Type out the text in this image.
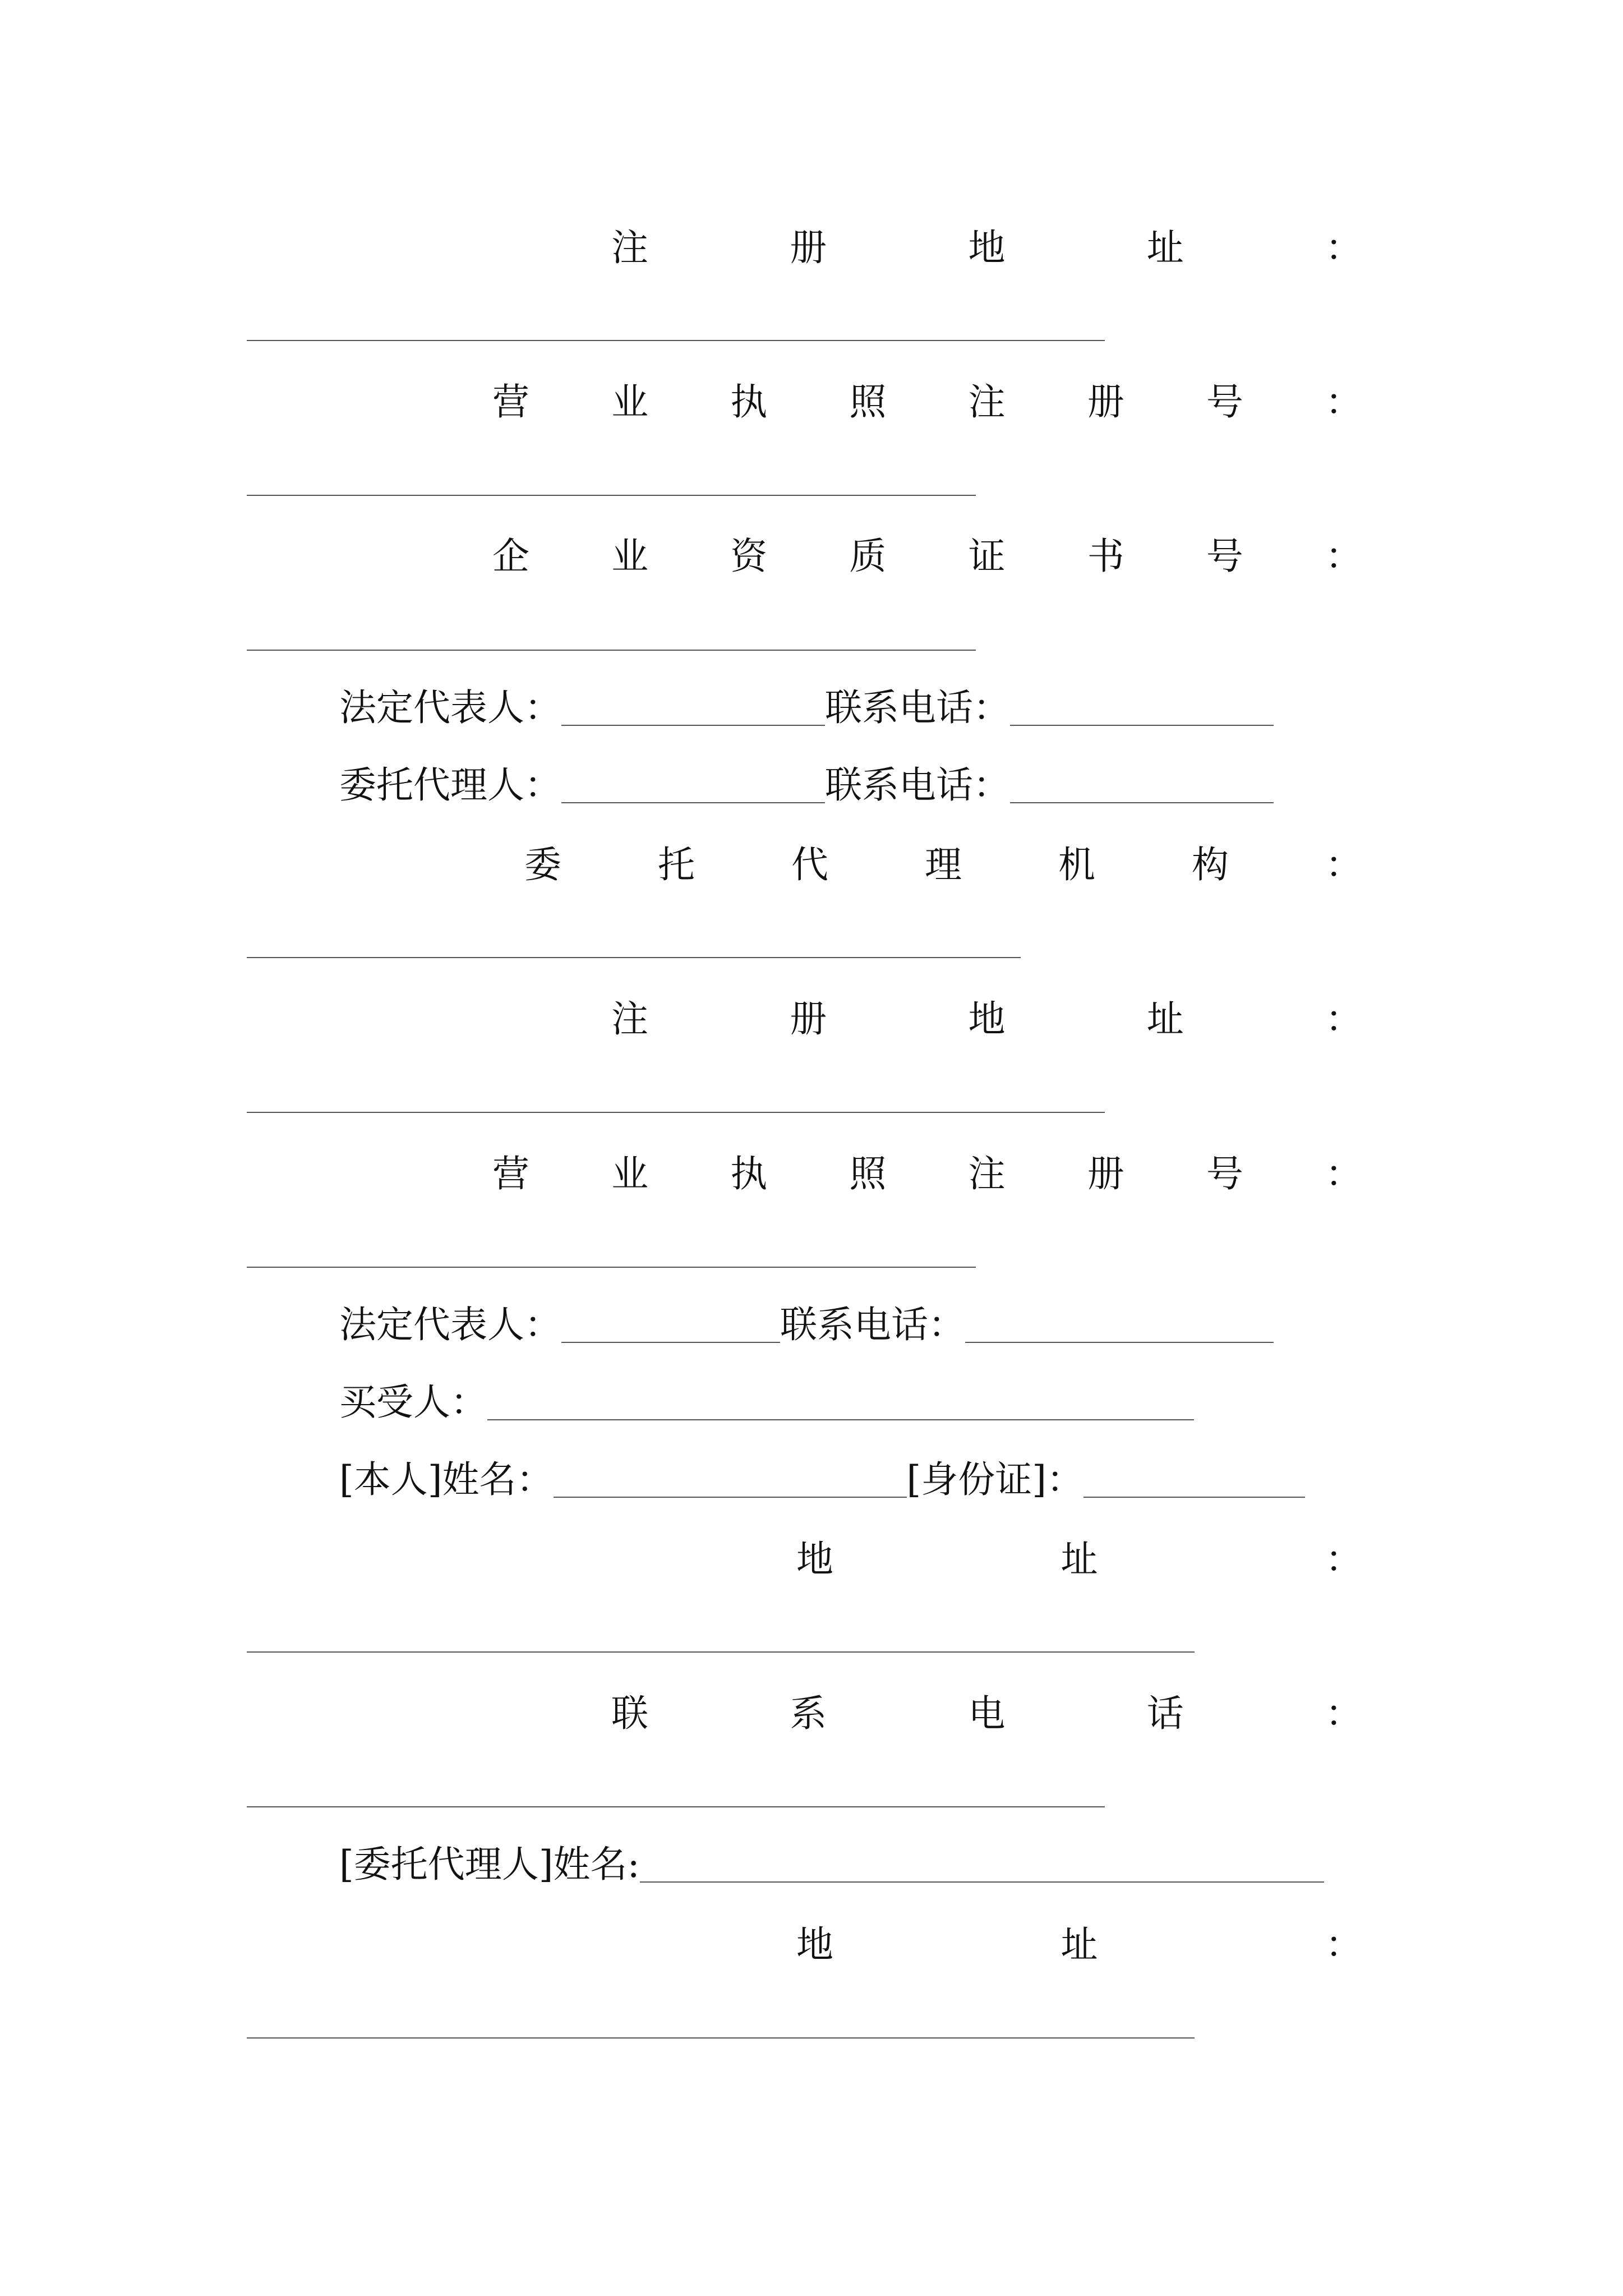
注	册	地	址	：
营 业 执 照 注 册 号 ：
企 业 资 质 证 书 号 ：
法定代表人：	联系电话：
委托代理人：	联系电话：
委	托	代	理	机	构	：
注	册	地	址	：
营 业 执 照 注 册 号 ：
法定代表人：	联系电话：
买受人：
[本人]姓名：	[身份证]：
地	址	：
联	系	电	话	：
[委托代理人]姓名:
地	址	：
